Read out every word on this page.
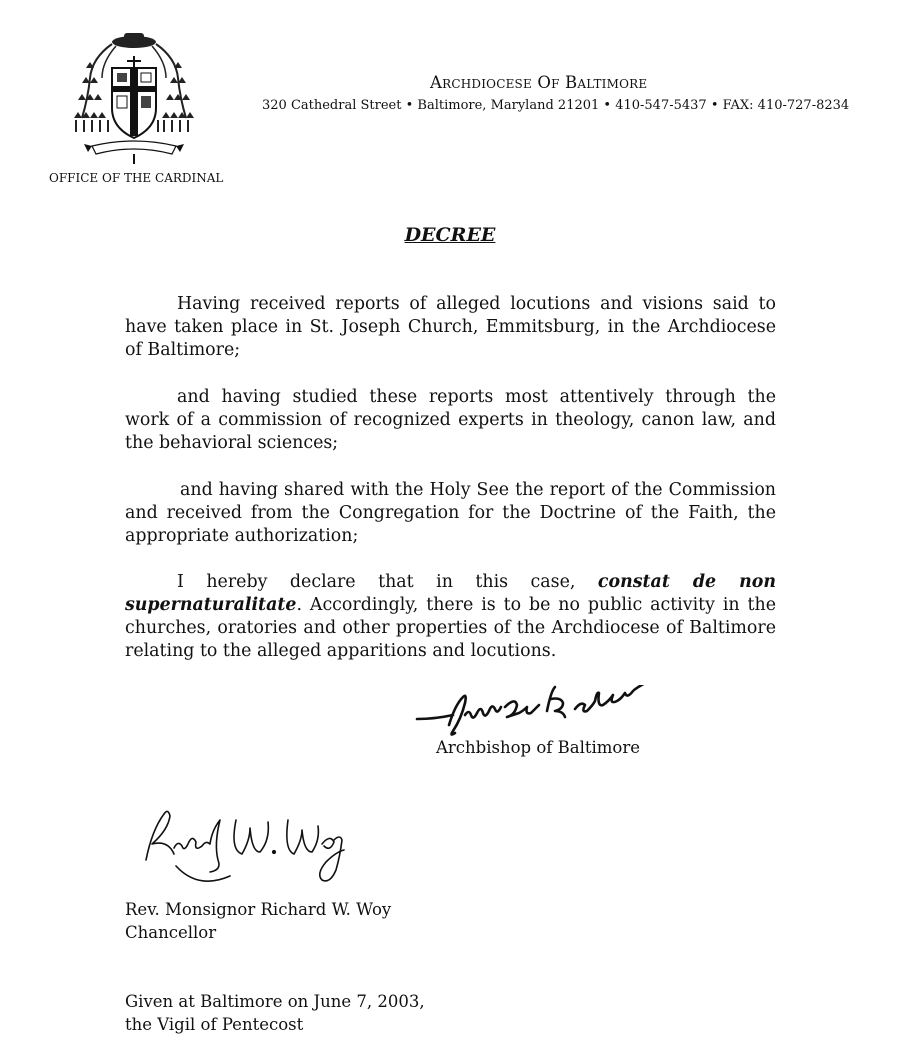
OFFICE OF THE CARDINAL
Archdiocese Of Baltimore
320 Cathedral Street • Baltimore, Maryland 21201 • 410-547-5437 • FAX: 410-727-8234
DECREE

Having received reports of alleged locutions and visions said to have taken place in St. Joseph Church, Emmitsburg, in the Archdiocese of Baltimore;

and having studied these reports most attentively through the work of a commission of recognized experts in theology, canon law, and the behavioral sciences;

and having shared with the Holy See the report of the Commission and received from the Congregation for the Doctrine of the Faith, the appropriate authorization;

I hereby declare that in this case, constat de non supernaturalitate. Accordingly, there is to be no public activity in the churches, oratories and other properties of the Archdiocese of Baltimore relating to the alleged apparitions and locutions.

Archbishop of Baltimore
Rev. Monsignor Richard W. Woy
Chancellor
Given at Baltimore on June 7, 2003,
the Vigil of Pentecost
